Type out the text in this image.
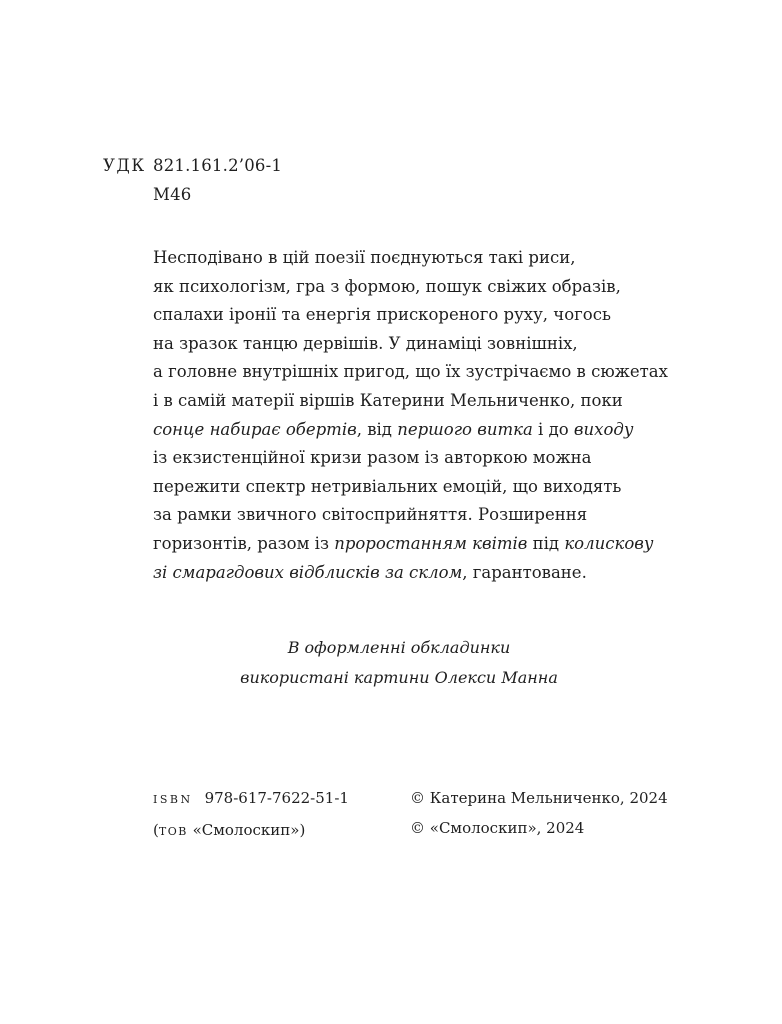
УДК 821.161.2’06-1
М46
Несподівано в цій поезії поєднуються такі риси,
як психологізм, гра з формою, пошук свіжих образів,
спалахи іронії та енергія прискореного руху, чогось
на зразок танцю дервішів. У динаміці зовнішніх,
а головне внутрішніх пригод, що їх зустрічаємо в сюжетах
і в самій матерії віршів Катерини Мельниченко, поки
сонце набирає обертів, від першого витка і до виходу
із екзистенційної кризи разом із авторкою можна
пережити спектр нетривіальних емоцій, що виходять
за рамки звичного світосприйняття. Розширення
горизонтів, разом із проростанням квітів під колискову
зі смарагдових відблисків за склом, гарантоване.
В оформленні обкладинки
використані картини Олекси Манна
ISBN 978-617-7622-51-1
(ТОВ «Смолоскип»)
© Катерина Мельниченко, 2024
© «Смолоскип», 2024
